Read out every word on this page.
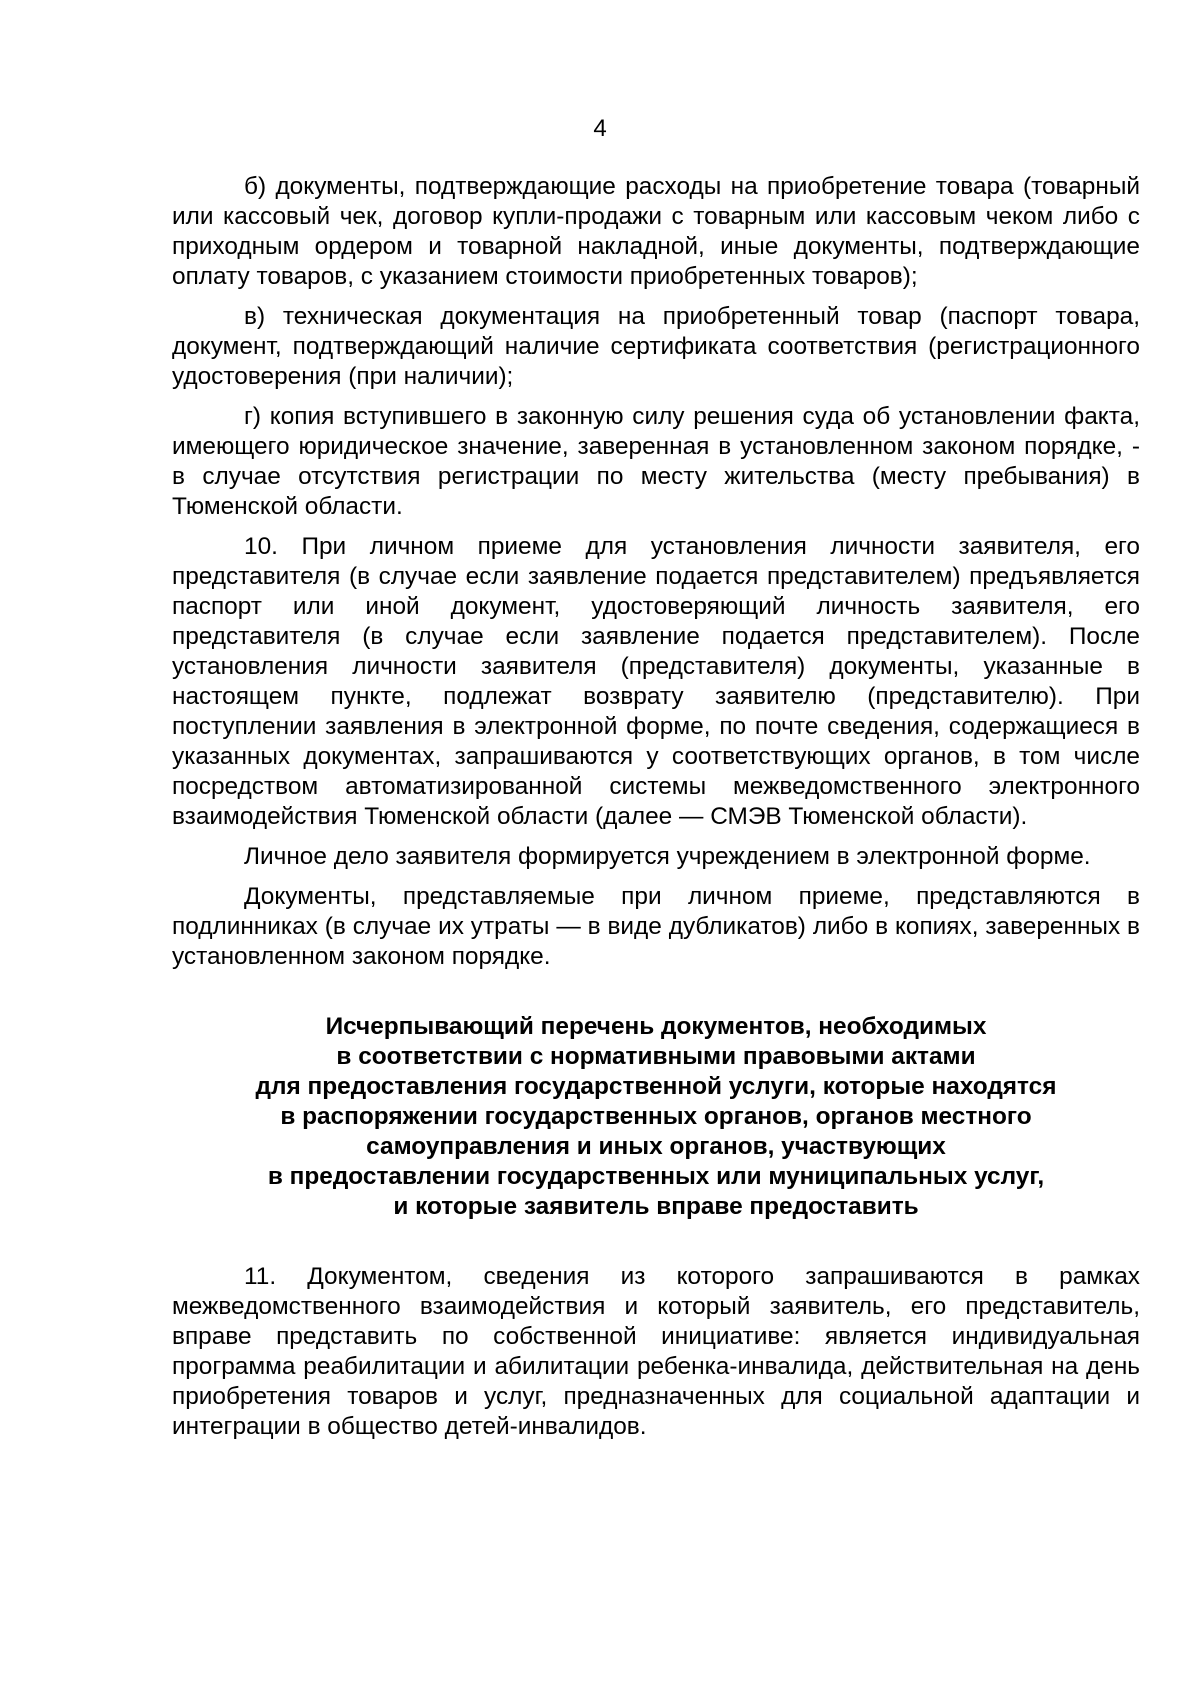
4

б) документы, подтверждающие расходы на приобретение товара (товарный или кассовый чек, договор купли-продажи с товарным или кассовым чеком либо с приходным ордером и товарной накладной, иные документы, подтверждающие оплату товаров, с указанием стоимости приобретенных товаров);

в) техническая документация на приобретенный товар (паспорт товара, документ, подтверждающий наличие сертификата соответствия (регистрационного удостоверения (при наличии);

г) копия вступившего в законную силу решения суда об установлении факта, имеющего юридическое значение, заверенная в установленном законом порядке, - в случае отсутствия регистрации по месту жительства (месту пребывания) в Тюменской области.

10. При личном приеме для установления личности заявителя, его представителя (в случае если заявление подается представителем) предъявляется паспорт или иной документ, удостоверяющий личность заявителя, его представителя (в случае если заявление подается представителем). После установления личности заявителя (представителя) документы, указанные в настоящем пункте, подлежат возврату заявителю (представителю). При поступлении заявления в электронной форме, по почте сведения, содержащиеся в указанных документах, запрашиваются у соответствующих органов, в том числе посредством автоматизированной системы межведомственного электронного взаимодействия Тюменской области (далее — СМЭВ Тюменской области).

Личное дело заявителя формируется учреждением в электронной форме.

Документы, представляемые при личном приеме, представляются в подлинниках (в случае их утраты — в виде дубликатов) либо в копиях, заверенных в установленном законом порядке.

Исчерпывающий перечень документов, необходимых
в соответствии с нормативными правовыми актами
для предоставления государственной услуги, которые находятся
в распоряжении государственных органов, органов местного
самоуправления и иных органов, участвующих
в предоставлении государственных или муниципальных услуг,
и которые заявитель вправе предоставить

11. Документом, сведения из которого запрашиваются в рамках межведомственного взаимодействия и который заявитель, его представитель, вправе представить по собственной инициативе: является индивидуальная программа реабилитации и абилитации ребенка-инвалида, действительная на день приобретения товаров и услуг, предназначенных для социальной адаптации и интеграции в общество детей-инвалидов.
